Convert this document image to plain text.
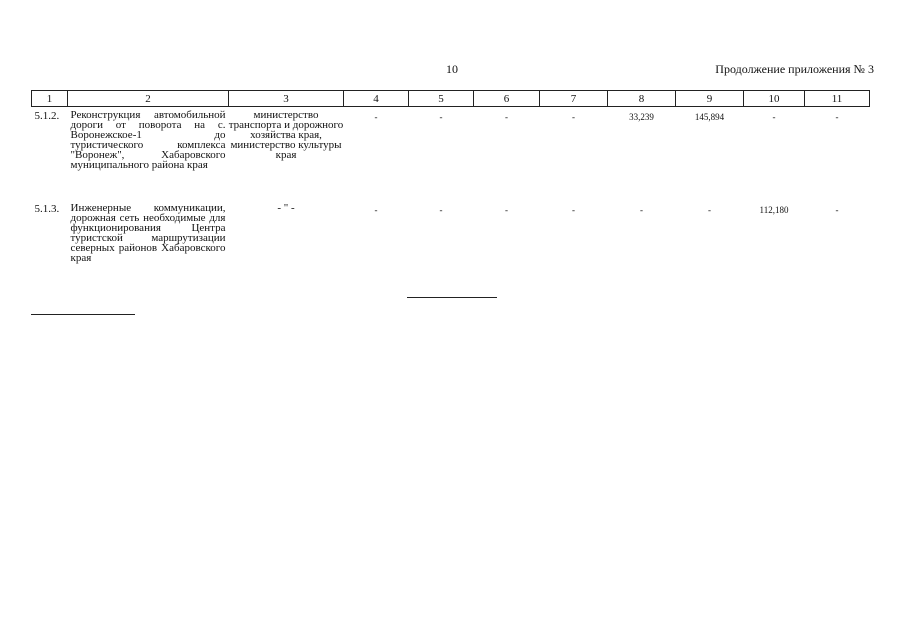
10	Продолжение приложения № 3
1	2	3	4	5	6	7	8	9	10	11
5.1.2.	Реконструкция автомобильной дороги от поворота на с. Воронежское-1 до туристического комплекса "Воронеж", Хабаровского муниципального района края	министерство транспорта и дорожного хозяйства края, министерство культуры края	-	-	-	-	33,239	145,894	-	-
5.1.3.	Инженерные коммуникации, дорожная сеть необходимые для функционирования Центра туристской маршрутизации северных районов Хабаровского края	- " -	-	-	-	-	-	-	112,180	-
